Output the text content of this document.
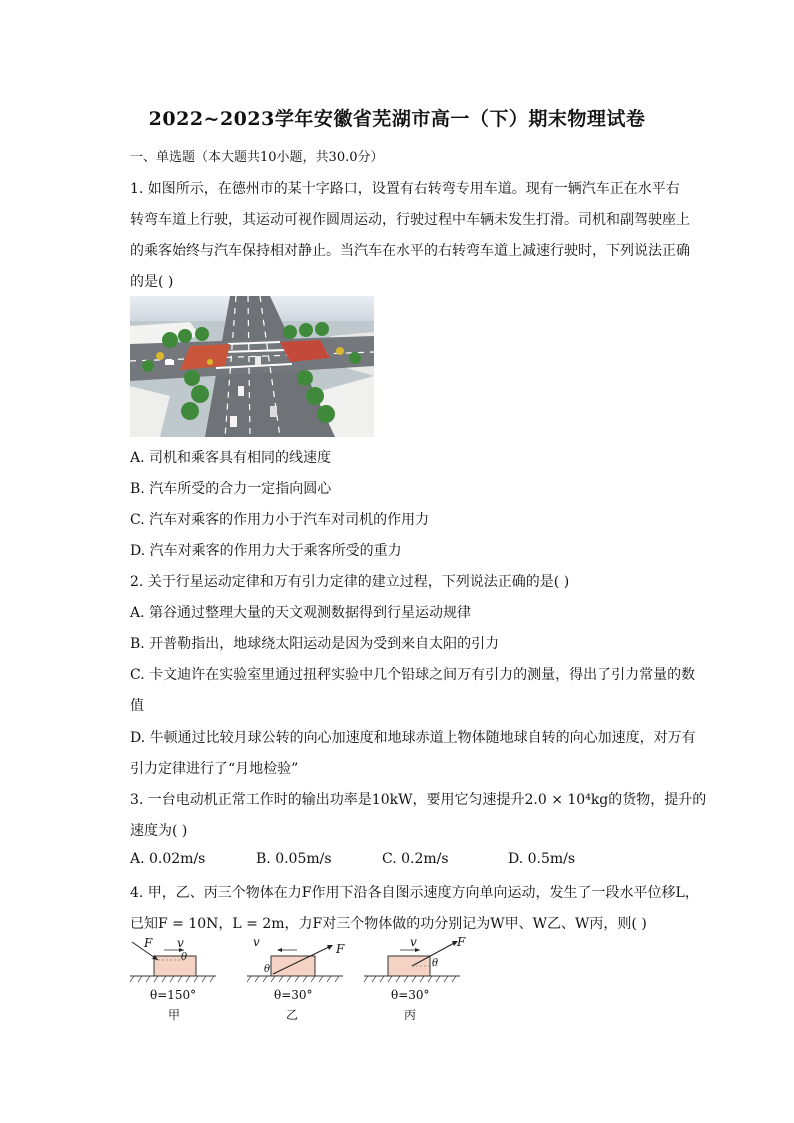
2022~2023学年安徽省芜湖市高一（下）期末物理试卷
一、单选题（本大题共10小题，共30.0分）
1. 如图所示，在德州市的某十字路口，设置有右转弯专用车道。现有一辆汽车正在水平右
转弯车道上行驶，其运动可视作圆周运动，行驶过程中车辆未发生打滑。司机和副驾驶座上
的乘客始终与汽车保持相对静止。当汽车在水平的右转弯车道上减速行驶时，下列说法正确
的是( )
A. 司机和乘客具有相同的线速度
B. 汽车所受的合力一定指向圆心
C. 汽车对乘客的作用力小于汽车对司机的作用力
D. 汽车对乘客的作用力大于乘客所受的重力
2. 关于行星运动定律和万有引力定律的建立过程，下列说法正确的是( )
A. 第谷通过整理大量的天文观测数据得到行星运动规律
B. 开普勒指出，地球绕太阳运动是因为受到来自太阳的引力
C. 卡文迪许在实验室里通过扭秤实验中几个铅球之间万有引力的测量，得出了引力常量的数
值
D. 牛顿通过比较月球公转的向心加速度和地球赤道上物体随地球自转的向心加速度，对万有
引力定律进行了“月地检验”
3. 一台电动机正常工作时的输出功率是10kW，要用它匀速提升2.0 × 10⁴kg的货物，提升的
速度为( )
A. 0.02m/s	B. 0.05m/s	C. 0.2m/s	D. 0.5m/s
4. 甲，乙、丙三个物体在力F作用下沿各自图示速度方向单向运动，发生了一段水平位移L，
已知F = 10N，L = 2m，力F对三个物体做的功分别记为W甲、W乙、W丙，则( )
F v
θ
θ=150°
甲
v	F
θ
θ=30°
乙
v	F
θ
θ=30°
丙
